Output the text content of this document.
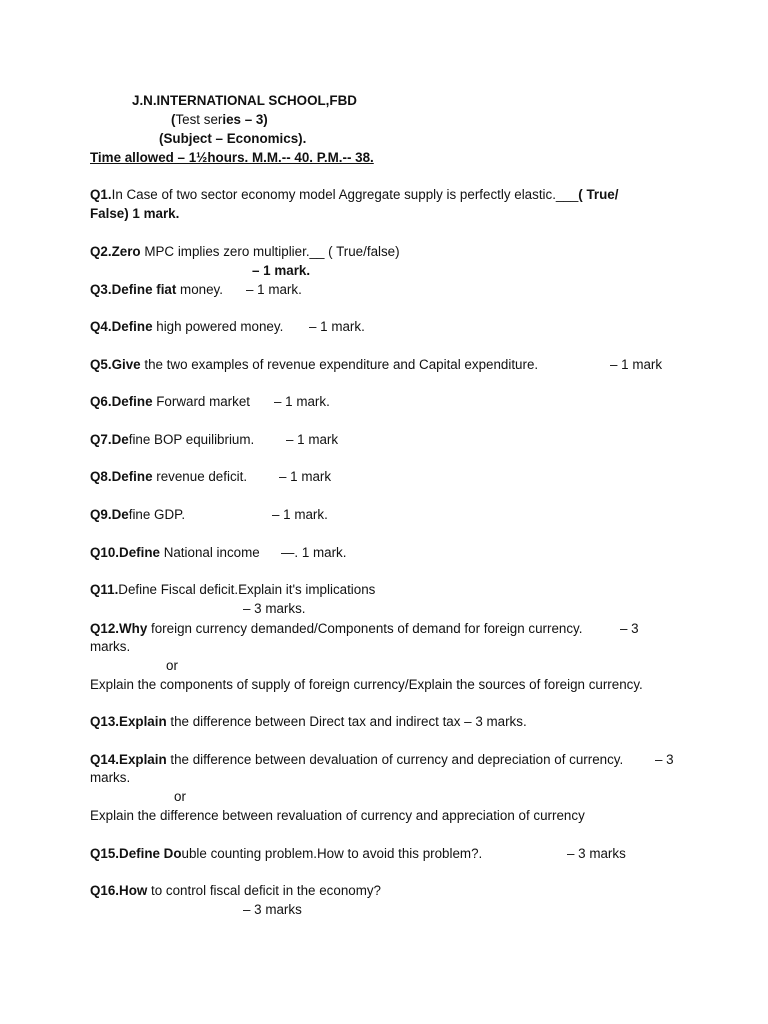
J.N.INTERNATIONAL SCHOOL,FBD
(Test series – 3)
(Subject – Economics).
Time allowed – 1½hours. M.M.-- 40. P.M.-- 38.
Q1.In Case of two sector economy model Aggregate supply is perfectly elastic.___( True/
False) 1 mark.
Q2.Zero MPC implies zero multiplier.__ ( True/false)
– 1 mark.
Q3.Define fiat money. – 1 mark.
Q4.Define high powered money. – 1 mark.
Q5.Give the two examples of revenue expenditure and Capital expenditure.	– 1 mark
Q6.Define Forward market – 1 mark.
Q7.Define BOP equilibrium. – 1 mark
Q8.Define revenue deficit. – 1 mark
Q9.Define GDP.	– 1 mark.
Q10.Define National income —. 1 mark.
Q11.Define Fiscal deficit.Explain it's implications
– 3 marks.
Q12.Why foreign currency demanded/Components of demand for foreign currency.	– 3
marks.
or
Explain the components of supply of foreign currency/Explain the sources of foreign currency.
Q13.Explain the difference between Direct tax and indirect tax – 3 marks.
Q14.Explain the difference between devaluation of currency and depreciation of currency. – 3
marks.
or
Explain the difference between revaluation of currency and appreciation of currency
Q15.Define Double counting problem.How to avoid this problem?.	– 3 marks
Q16.How to control fiscal deficit in the economy?
– 3 marks
